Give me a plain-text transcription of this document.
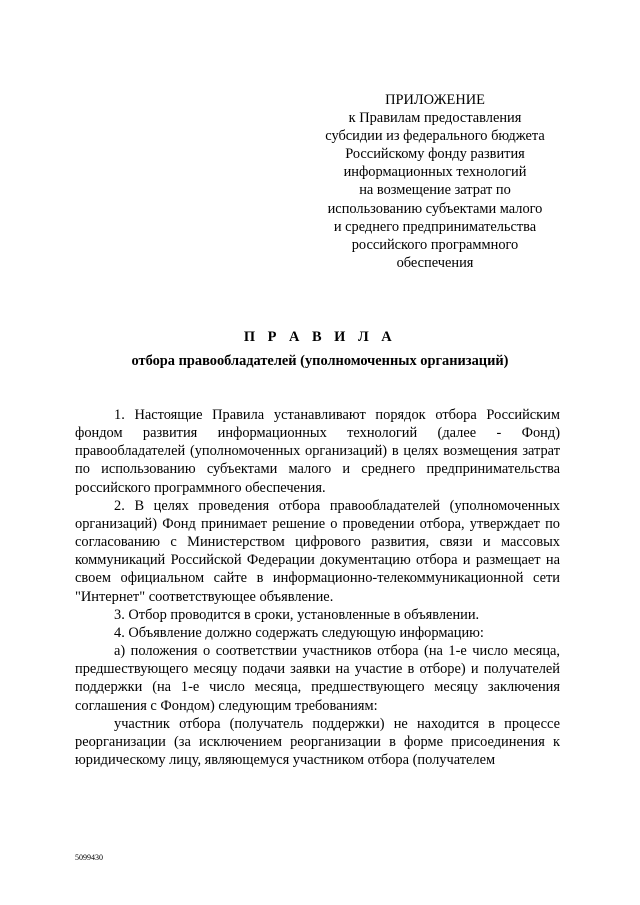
ПРИЛОЖЕНИЕ
к Правилам предоставления
субсидии из федерального бюджета
Российскому фонду развития
информационных технологий
на возмещение затрат по
использованию субъектами малого
и среднего предпринимательства
российского программного
обеспечения
П Р А В И Л А
отбора правообладателей (уполномоченных организаций)

1. Настоящие Правила устанавливают порядок отбора Российским фондом развития информационных технологий (далее - Фонд) правообладателей (уполномоченных организаций) в целях возмещения затрат по использованию субъектами малого и среднего предпринимательства российского программного обеспечения.

2. В целях проведения отбора правообладателей (уполномоченных организаций) Фонд принимает решение о проведении отбора, утверждает по согласованию с Министерством цифрового развития, связи и массовых коммуникаций Российской Федерации документацию отбора и размещает на своем официальном сайте в информационно-телекоммуникационной сети "Интернет" соответствующее объявление.

3. Отбор проводится в сроки, установленные в объявлении.

4. Объявление должно содержать следующую информацию:

а) положения о соответствии участников отбора (на 1-е число месяца, предшествующего месяцу подачи заявки на участие в отборе) и получателей поддержки (на 1-е число месяца, предшествующего месяцу заключения соглашения с Фондом) следующим требованиям:

участник отбора (получатель поддержки) не находится в процессе реорганизации (за исключением реорганизации в форме присоединения к юридическому лицу, являющемуся участником отбора (получателем

5099430
